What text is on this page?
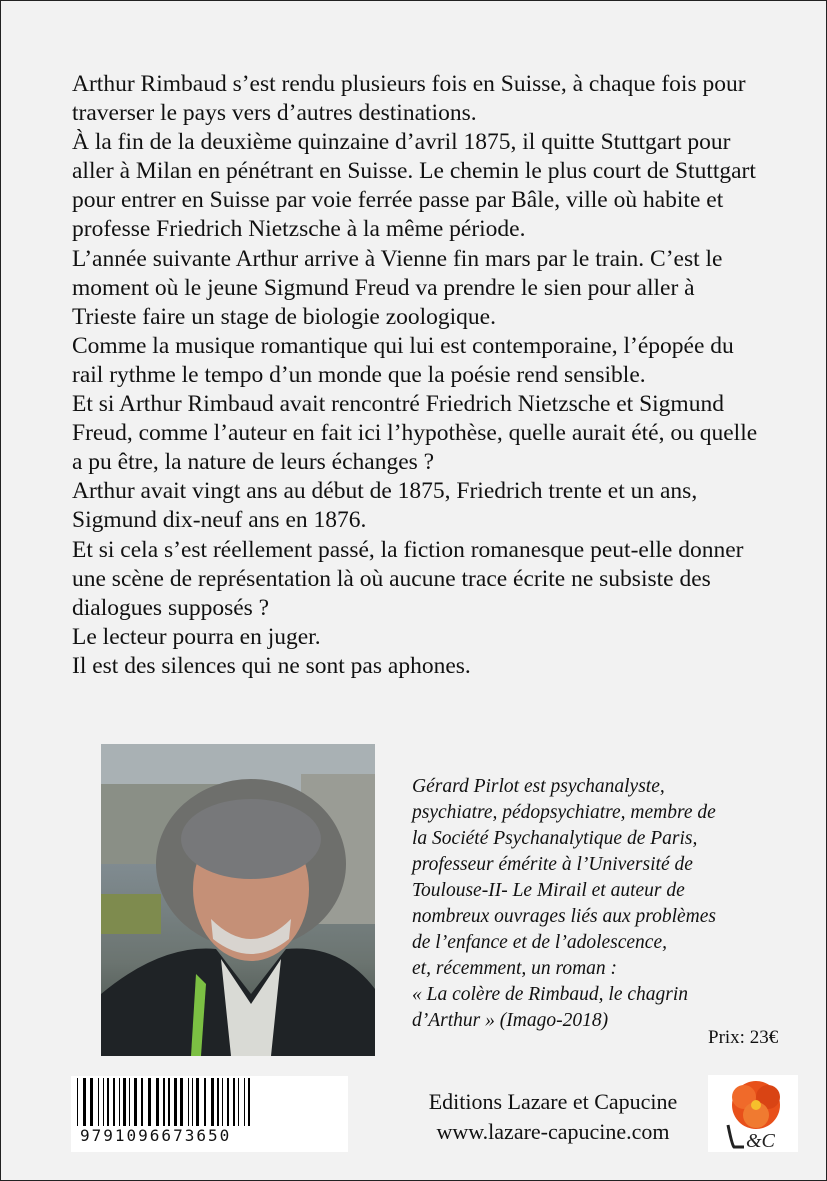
Arthur Rimbaud s’est rendu plusieurs fois en Suisse, à chaque fois pour traverser le pays vers d’autres destinations.

À la fin de la deuxième quinzaine d’avril 1875, il quitte Stuttgart pour aller à Milan en pénétrant en Suisse. Le chemin le plus court de Stuttgart pour entrer en Suisse par voie ferrée passe par Bâle, ville où habite et professe Friedrich Nietzsche à la même période.

L’année suivante Arthur arrive à Vienne fin mars par le train. C’est le moment où le jeune Sigmund Freud va prendre le sien pour aller à Trieste faire un stage de biologie zoologique.

Comme la musique romantique qui lui est contemporaine, l’épopée du rail rythme le tempo d’un monde que la poésie rend sensible.

Et si Arthur Rimbaud avait rencontré Friedrich Nietzsche et Sigmund Freud, comme l’auteur en fait ici l’hypothèse, quelle aurait été, ou quelle a pu être, la nature de leurs échanges ?

Arthur avait vingt ans au début de 1875, Friedrich trente et un ans, Sigmund dix-neuf ans en 1876.

Et si cela s’est réellement passé, la fiction romanesque peut-elle donner une scène de représentation là où aucune trace écrite ne subsiste des dialogues supposés ?

Le lecteur pourra en juger.

Il est des silences qui ne sont pas aphones.

Gérard Pirlot est psychanalyste,

psychiatre, pédopsychiatre, membre de

la Société Psychanalytique de Paris,

professeur émérite à l’Université de

Toulouse-II- Le Mirail et auteur de

nombreux ouvrages liés aux problèmes

de l’enfance et de l’adolescence,

et, récemment, un roman :

« La colère de Rimbaud, le chagrin

d’Arthur » (Imago-2018)

Prix: 23€
9791096673650
Editions Lazare et Capucine
www.lazare-capucine.com	&C
